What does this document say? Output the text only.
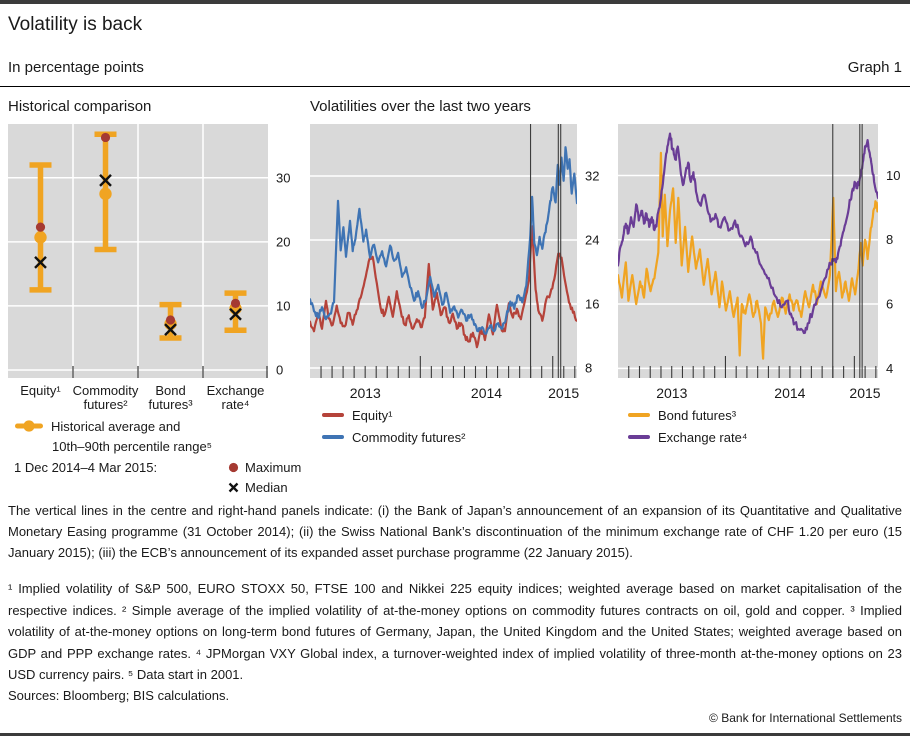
Volatility is back
In percentage points	Graph 1
Historical comparison	Volatilities over the last two years
0
10
20
30
Equity¹ Commodity
futures²
Bond
futures³
Exchange
rate⁴
8
16
24
32
2013	2014	2015
4
6
8
10
2013	2014	2015
Historical average and
10th–90th percentile range⁵
1 Dec 2014–4 Mar 2015:	Maximum
Median
Equity¹
Commodity futures²
Bond futures³
Exchange rate⁴
The vertical lines in the centre and right-hand panels indicate: (i) the Bank of Japan’s announcement of an expansion of its Quantitative and Qualitative Monetary Easing programme (31 October 2014); (ii) the Swiss National Bank’s discontinuation of the minimum exchange rate of CHF 1.20 per euro (15 January 2015); (iii) the ECB’s announcement of its expanded asset purchase programme (22 January 2015).
¹ Implied volatility of S&P 500, EURO STOXX 50, FTSE 100 and Nikkei 225 equity indices; weighted average based on market capitalisation of the respective indices. ² Simple average of the implied volatility of at-the-money options on commodity futures contracts on oil, gold and copper. ³ Implied volatility of at-the-money options on long-term bond futures of Germany, Japan, the United Kingdom and the United States; weighted average based on GDP and PPP exchange rates. ⁴ JPMorgan VXY Global index, a turnover-weighted index of implied volatility of three-month at-the-money options on 23 USD currency pairs. ⁵ Data start in 2001.
Sources: Bloomberg; BIS calculations.
© Bank for International Settlements
